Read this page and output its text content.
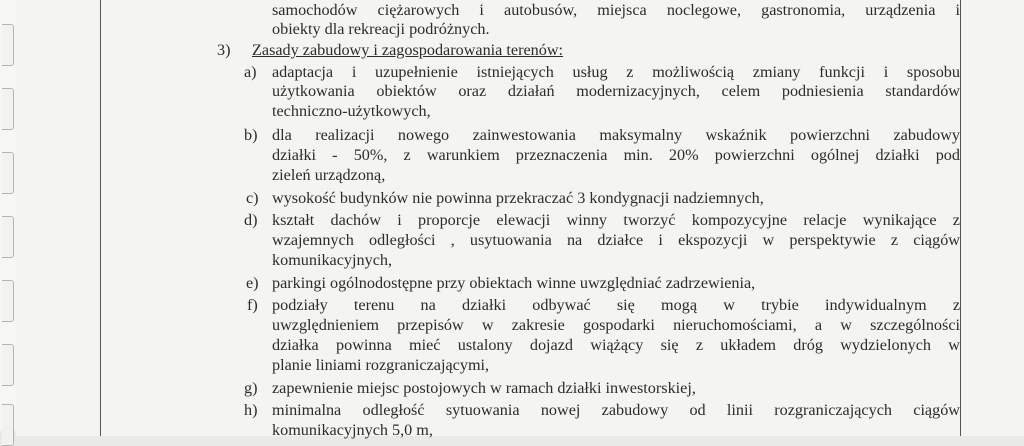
samochodów ciężarowych i autobusów, miejsca noclegowe, gastronomia, urządzenia i
obiekty dla rekreacji podróżnych.
3) Zasady zabudowy i zagospodarowania terenów:
a) adaptacja i uzupełnienie istniejących usług z możliwością zmiany funkcji i sposobu
użytkowania obiektów oraz działań modernizacyjnych, celem podniesienia standardów
techniczno-użytkowych,
b) dla realizacji nowego zainwestowania maksymalny wskaźnik powierzchni zabudowy
działki - 50%, z warunkiem przeznaczenia min. 20% powierzchni ogólnej działki pod
zieleń urządzoną,
c) wysokość budynków nie powinna przekraczać 3 kondygnacji nadziemnych,
d) kształt dachów i proporcje elewacji winny tworzyć kompozycyjne relacje wynikające z
wzajemnych odległości , usytuowania na działce i ekspozycji w perspektywie z ciągów
komunikacyjnych,
e) parkingi ogólnodostępne przy obiektach winne uwzględniać zadrzewienia,
f) podziały terenu na działki odbywać się mogą w trybie indywidualnym z
uwzględnieniem przepisów w zakresie gospodarki nieruchomościami, a w szczególności
działka powinna mieć ustalony dojazd wiążący się z układem dróg wydzielonych w
planie liniami rozgraniczającymi,
g) zapewnienie miejsc postojowych w ramach działki inwestorskiej,
h) minimalna odległość sytuowania nowej zabudowy od linii rozgraniczających ciągów
komunikacyjnych 5,0 m,
